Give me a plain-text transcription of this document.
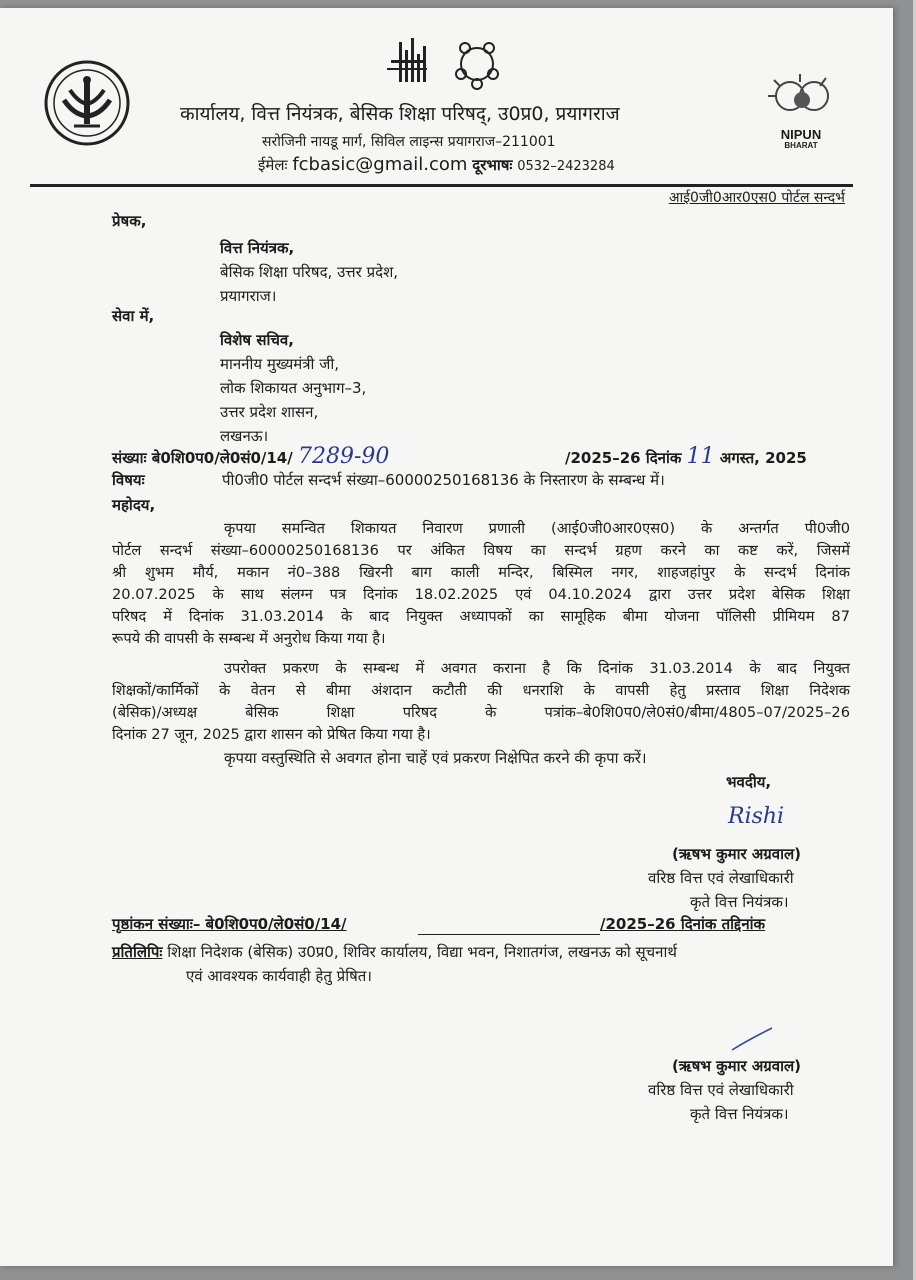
NIPUN
BHARAT
कार्यालय, वित्त नियंत्रक, बेसिक शिक्षा परिषद्, उ0प्र0, प्रयागराज
सरोजिनी नायडू मार्ग, सिविल लाइन्स प्रयागराज–211001
ईमेलः fcbasic@gmail.com दूरभाषः 0532–2423284
आई0जी0आर0एस0 पोर्टल सन्दर्भ
प्रेषक,
वित्त नियंत्रक,
बेसिक शिक्षा परिषद, उत्तर प्रदेश,
प्रयागराज।
सेवा में,
विशेष सचिव,
माननीय मुख्यमंत्री जी,
लोक शिकायत अनुभाग–3,
उत्तर प्रदेश शासन,
लखनऊ।
संख्याः बे0शि0प0/ले0सं0/14/ 7289-90	/2025–26 दिनांक 11 अगस्त, 2025
विषयः	पी0जी0 पोर्टल सन्दर्भ संख्या–60000250168136 के निस्तारण के सम्बन्ध में।
महोदय,
कृपया समन्वित शिकायत निवारण प्रणाली (आई0जी0आर0एस0) के अन्तर्गत पी0जी0
पोर्टल सन्दर्भ संख्या–60000250168136 पर अंकित विषय का सन्दर्भ ग्रहण करने का कष्ट करें, जिसमें
श्री शुभम मौर्य, मकान नं0–388 खिरनी बाग काली मन्दिर, बिस्मिल नगर, शाहजहांपुर के सन्दर्भ दिनांक
20.07.2025 के साथ संलग्न पत्र दिनांक 18.02.2025 एवं 04.10.2024 द्वारा उत्तर प्रदेश बेसिक शिक्षा
परिषद में दिनांक 31.03.2014 के बाद नियुक्त अध्यापकों का सामूहिक बीमा योजना पॉलिसी प्रीमियम 87
रूपये की वापसी के सम्बन्ध में अनुरोध किया गया है।
उपरोक्त प्रकरण के सम्बन्ध में अवगत कराना है कि दिनांक 31.03.2014 के बाद नियुक्त
शिक्षकों/कार्मिकों के वेतन से बीमा अंशदान कटौती की धनराशि के वापसी हेतु प्रस्ताव शिक्षा निदेशक
(बेसिक)/अध्यक्ष बेसिक शिक्षा परिषद के पत्रांक–बे0शि0प0/ले0सं0/बीमा/4805–07/2025–26
दिनांक 27 जून, 2025 द्वारा शासन को प्रेषित किया गया है।
कृपया वस्तुस्थिति से अवगत होना चाहें एवं प्रकरण निक्षेपित करने की कृपा करें।
भवदीय,
Rishi
(ऋषभ कुमार अग्रवाल)
वरिष्ठ वित्त एवं लेखाधिकारी
कृते वित्त नियंत्रक।
पृष्ठांकन संख्याः– बे0शि0प0/ले0सं0/14/	/2025–26 दिनांक तद्दिनांक
प्रतिलिपिः शिक्षा निदेशक (बेसिक) उ0प्र0, शिविर कार्यालय, विद्या भवन, निशातगंज, लखनऊ को सूचनार्थ
एवं आवश्यक कार्यवाही हेतु प्रेषित।
(ऋषभ कुमार अग्रवाल)
वरिष्ठ वित्त एवं लेखाधिकारी
कृते वित्त नियंत्रक।
